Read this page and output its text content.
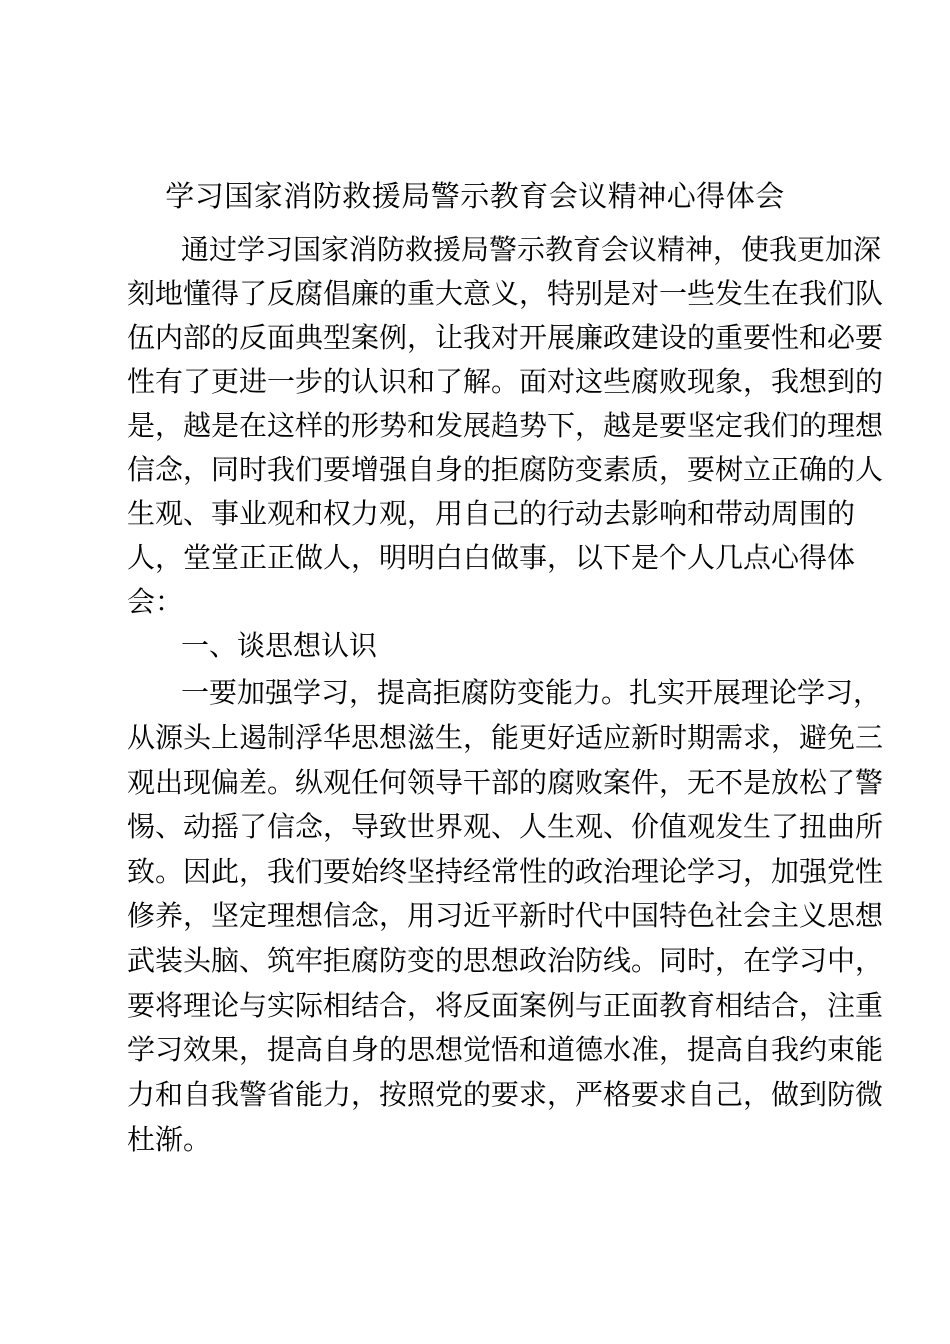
学习国家消防救援局警示教育会议精神心得体会
通过学习国家消防救援局警示教育会议精神，使我更加深
刻地懂得了反腐倡廉的重大意义，特别是对一些发生在我们队
伍内部的反面典型案例，让我对开展廉政建设的重要性和必要
性有了更进一步的认识和了解。面对这些腐败现象，我想到的
是，越是在这样的形势和发展趋势下，越是要坚定我们的理想
信念，同时我们要增强自身的拒腐防变素质，要树立正确的人
生观、事业观和权力观，用自己的行动去影响和带动周围的
人，堂堂正正做人，明明白白做事，以下是个人几点心得体
会：
一、谈思想认识
一要加强学习，提高拒腐防变能力。扎实开展理论学习，
从源头上遏制浮华思想滋生，能更好适应新时期需求，避免三
观出现偏差。纵观任何领导干部的腐败案件，无不是放松了警
惕、动摇了信念，导致世界观、人生观、价值观发生了扭曲所
致。因此，我们要始终坚持经常性的政治理论学习，加强党性
修养，坚定理想信念，用习近平新时代中国特色社会主义思想
武装头脑、筑牢拒腐防变的思想政治防线。同时，在学习中，
要将理论与实际相结合，将反面案例与正面教育相结合，注重
学习效果，提高自身的思想觉悟和道德水准，提高自我约束能
力和自我警省能力，按照党的要求，严格要求自己，做到防微
杜渐。
